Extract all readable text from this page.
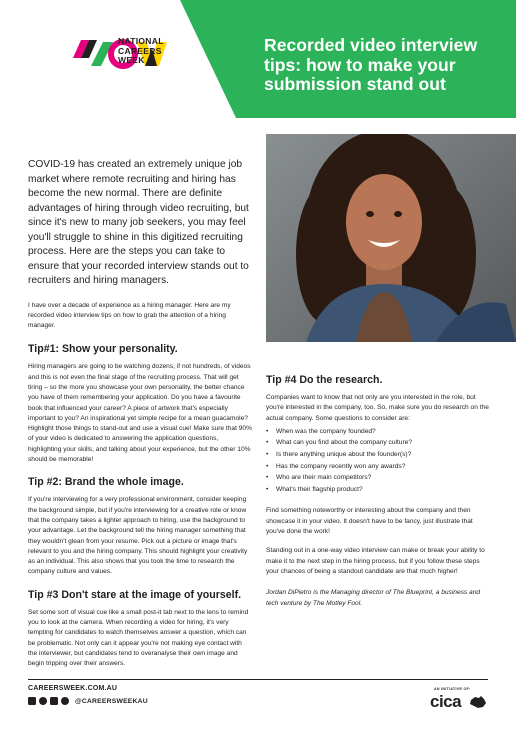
NATIONAL CAREERS WEEK
Recorded video interview tips: how to make your submission stand out

COVID-19 has created an extremely unique job market where remote recruiting and hiring has become the new normal. There are definite advantages of hiring through video recruiting, but since it's new to many job seekers, you may feel you'll struggle to shine in this digitized recruiting process. Here are the steps you can take to ensure that your recorded interview stands out to recruiters and hiring managers.

I have over a decade of experience as a hiring manager. Here are my recorded video interview tips on how to grab the attention of a hiring manager.

Tip#1: Show your personality.

Hiring managers are going to be watching dozens, if not hundreds, of videos and this is not even the final stage of the recruiting process. That will get tiring – so the more you showcase your own personality, the better chance you have of them remembering your application. Do you have a favourite book that influenced your career? A piece of artwork that's especially important to you? An inspirational yet simple recipe for a mean guacamole? Highlight those things to stand-out and use a visual cue! Make sure that 90% of your video is dedicated to answering the application questions, highlighting your skills, and talking about your experience, but the other 10% should be memorable!

Tip #2: Brand the whole image.

If you're interviewing for a very professional environment, consider keeping the background simple, but if you're interviewing for a creative role or know that the company takes a lighter approach to hiring, use the background to your advantage. Let the background tell the hiring manager something that they wouldn't glean from your resume. Pick out a picture or image that's relevant to you and the hiring company. This should highlight your creativity as an individual. This also shows that you took the time to research the company culture and values.

Tip #3 Don't stare at the image of yourself.

Set some sort of visual cue like a small post-it tab next to the lens to remind you to look at the camera. When recording a video for hiring, it's very tempting for candidates to watch themselves answer a question, which can be problematic. Not only can it appear you're not making eye contact with the interviewer, but candidates tend to overanalyse their own image and begin tripping over their answers.

Tip #4 Do the research.

Companies want to know that not only are you interested in the role, but you're interested in the company, too. So, make sure you do research on the actual company. Some questions to consider are:

• When was the company founded?
• What can you find about the company culture?
• Is there anything unique about the founder(s)?
• Has the company recently won any awards?
• Who are their main competitors?
• What's their flagship product?

Find something noteworthy or interesting about the company and then showcase it in your video. It doesn't have to be fancy, just illustrate that you've done the work!

Standing out in a one-way video interview can make or break your ability to make it to the next step in the hiring process, but if you follow these steps your chances of being a standout candidate are that much higher!

Jordan DiPietro is the Managing director of The Blueprint, a business and tech venture by The Motley Fool.

CAREERSWEEK.COM.AU
@CAREERSWEEKAU
AN INITIATIVE OF:
cica
